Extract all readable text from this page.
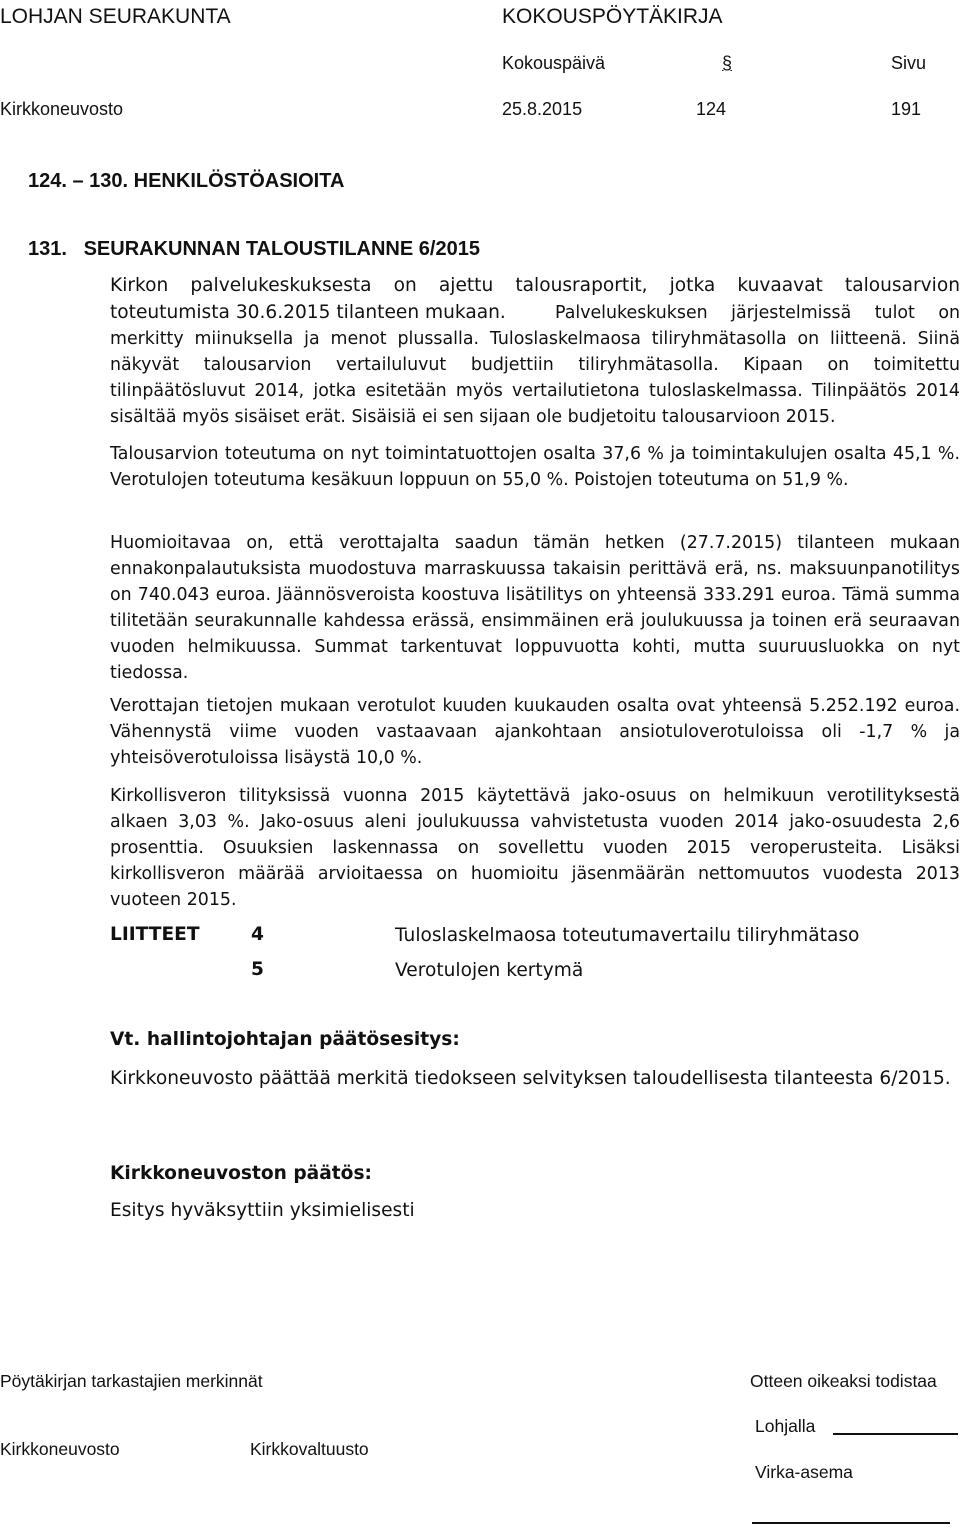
LOHJAN SEURAKUNTA	KOKOUSPÖYTÄKIRJA
Kokouspäivä	§	Sivu
Kirkkoneuvosto	25.8.2015	124	191
124. – 130. HENKILÖSTÖASIOITA
131.   SEURAKUNNAN TALOUSTILANNE 6/2015
Kirkon palvelukeskuksesta on ajettu talousraportit, jotka kuvaavat talousarvion toteutumista 30.6.2015 tilanteen mukaan.	Palvelukeskuksen järjestelmissä tulot on merkitty miinuksella ja menot plussalla. Tuloslaskelmaosa tiliryhmätasolla on liitteenä. Siinä näkyvät talousarvion vertailuluvut budjettiin tiliryhmätasolla. Kipaan on toimitettu tilinpäätösluvut 2014, jotka esitetään myös vertailutietona tuloslaskelmassa. Tilinpäätös 2014 sisältää myös sisäiset erät. Sisäisiä ei sen sijaan ole budjetoitu talousarvioon 2015.
Talousarvion toteutuma on nyt toimintatuottojen osalta 37,6 % ja toimintakulujen osalta 45,1 %. Verotulojen toteutuma kesäkuun loppuun on 55,0 %. Poistojen toteutuma on 51,9 %.
Huomioitavaa on, että verottajalta saadun tämän hetken (27.7.2015) tilanteen mukaan ennakonpalautuksista muodostuva marraskuussa takaisin perittävä erä, ns. maksuunpanotilitys on 740.043 euroa. Jäännösveroista koostuva lisätilitys on yhteensä 333.291 euroa. Tämä summa tilitetään seurakunnalle kahdessa erässä, ensimmäinen erä joulukuussa ja toinen erä seuraavan vuoden helmikuussa. Summat tarkentuvat loppuvuotta kohti, mutta suuruusluokka on nyt tiedossa.
Verottajan tietojen mukaan verotulot kuuden kuukauden osalta ovat yhteensä 5.252.192 euroa. Vähennystä viime vuoden vastaavaan ajankohtaan ansiotuloverotuloissa oli -1,7 % ja yhteisöverotuloissa lisäystä 10,0 %.
Kirkollisveron tilityksissä vuonna 2015 käytettävä jako-osuus on helmikuun verotilityksestä alkaen 3,03 %. Jako-osuus aleni joulukuussa vahvistetusta vuoden 2014 jako-osuudesta 2,6 prosenttia. Osuuksien laskennassa on sovellettu vuoden 2015 veroperusteita. Lisäksi kirkollisveron määrää arvioitaessa on huomioitu jäsenmäärän nettomuutos vuodesta 2013 vuoteen 2015.
LIITTEET	4	Tuloslaskelmaosa toteutumavertailu tiliryhmätaso
5	Verotulojen kertymä
Vt. hallintojohtajan päätösesitys:
Kirkkoneuvosto päättää merkitä tiedokseen selvityksen taloudellisesta tilanteesta 6/2015.
Kirkkoneuvoston päätös:
Esitys hyväksyttiin yksimielisesti
Pöytäkirjan tarkastajien merkinnät	Otteen oikeaksi todistaa
Lohjalla
Kirkkoneuvosto	Kirkkovaltuusto
Virka-asema
